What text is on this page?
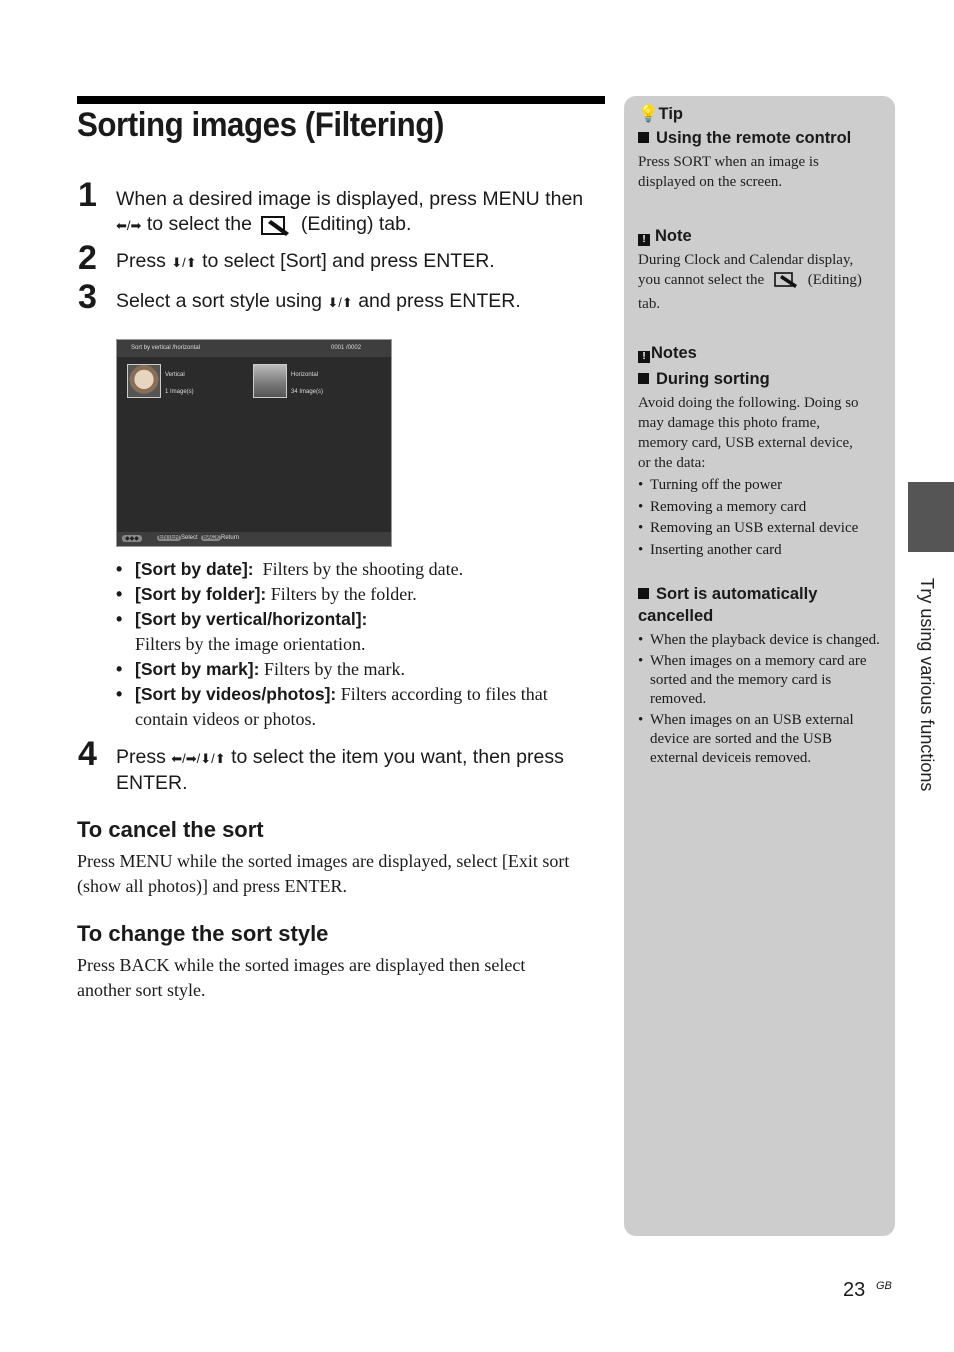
Sorting images (Filtering)
1 When a desired image is displayed, press MENU then
⬅/➡ to select the	(Editing) tab.
2 Press ⬇/⬆ to select [Sort] and press ENTER.
3 Select a sort style using ⬇/⬆ and press ENTER.
Sort by vertical /horizontal	0001 /0002
Vertical
1 Image(s)
Horizontal
34 Image(s)
◆◆◆	ENTER Select BACK Return
• [Sort by date]: Filters by the shooting date.
• [Sort by folder]: Filters by the folder.
• [Sort by vertical/horizontal]:
Filters by the image orientation.
• [Sort by mark]: Filters by the mark.
• [Sort by videos/photos]: Filters according to files that
contain videos or photos.
4 Press ⬅/➡/⬇/⬆ to select the item you want, then press
ENTER.
To cancel the sort
Press MENU while the sorted images are displayed, select [Exit sort
(show all photos)] and press ENTER.
To change the sort style
Press BACK while the sorted images are displayed then select
another sort style.
💡Tip
Using the remote control
Press SORT when an image is
displayed on the screen.
! Note
During Clock and Calendar display,
you cannot select the	(Editing)
tab.
! Notes
During sorting
Avoid doing the following. Doing so
may damage this photo frame,
memory card, USB external device,
or the data:
• Turning off the power
• Removing a memory card
• Removing an USB external device
• Inserting another card
Sort is automatically
cancelled
• When the playback device is changed.
• When images on a memory card are sorted and the memory card is removed.
• When images on an USB external device are sorted and the USB external deviceis removed.	Try using various functions
23 GB
